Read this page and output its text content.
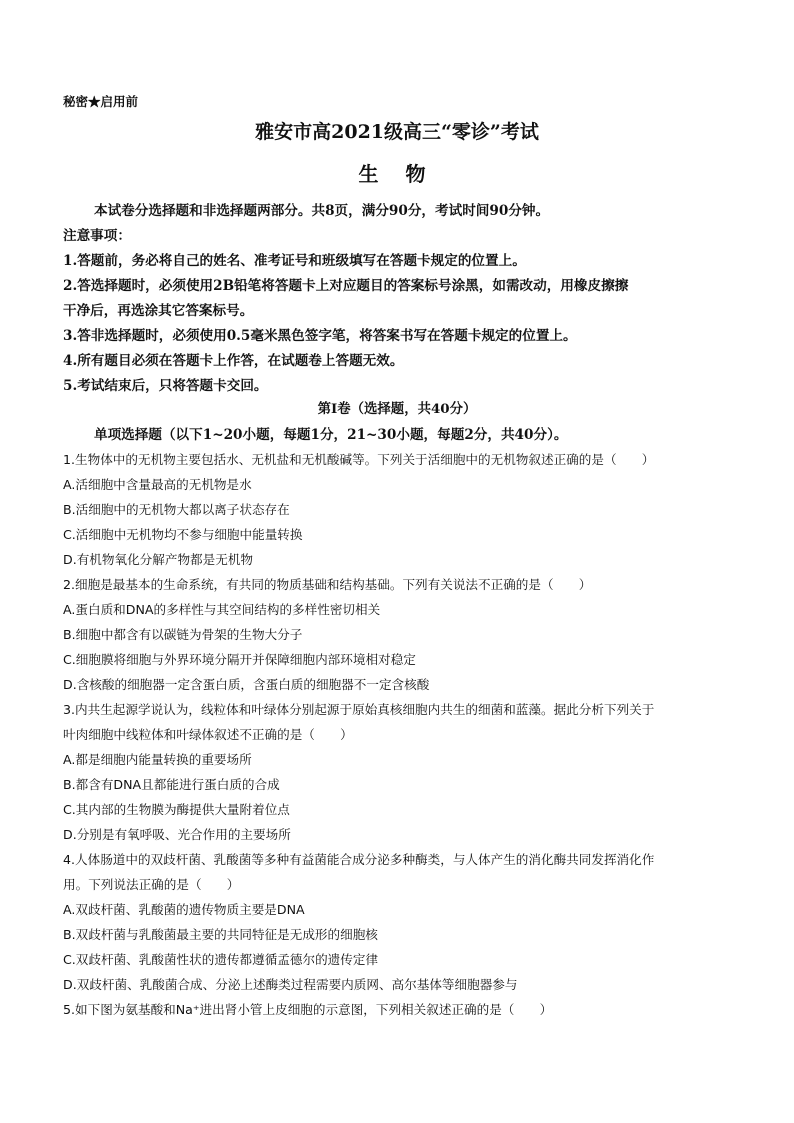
秘密★启用前
雅安市高2021级高三“零诊”考试
生 物
本试卷分选择题和非选择题两部分。共8页，满分90分，考试时间90分钟。
注意事项：
1.答题前，务必将自己的姓名、准考证号和班级填写在答题卡规定的位置上。
2.答选择题时，必须使用2B铅笔将答题卡上对应题目的答案标号涂黑，如需改动，用橡皮擦擦
干净后，再选涂其它答案标号。
3.答非选择题时，必须使用0.5毫米黑色签字笔，将答案书写在答题卡规定的位置上。
4.所有题目必须在答题卡上作答，在试题卷上答题无效。
5.考试结束后，只将答题卡交回。
第Ⅰ卷（选择题，共40分）
单项选择题（以下1~20小题，每题1分，21~30小题，每题2分，共40分）。
1.生物体中的无机物主要包括水、无机盐和无机酸碱等。下列关于活细胞中的无机物叙述正确的是（　　）
A.活细胞中含量最高的无机物是水
B.活细胞中的无机物大都以离子状态存在
C.活细胞中无机物均不参与细胞中能量转换
D.有机物氧化分解产物都是无机物
2.细胞是最基本的生命系统，有共同的物质基础和结构基础。下列有关说法不正确的是（　　）
A.蛋白质和DNA的多样性与其空间结构的多样性密切相关
B.细胞中都含有以碳链为骨架的生物大分子
C.细胞膜将细胞与外界环境分隔开并保障细胞内部环境相对稳定
D.含核酸的细胞器一定含蛋白质，含蛋白质的细胞器不一定含核酸
3.内共生起源学说认为，线粒体和叶绿体分别起源于原始真核细胞内共生的细菌和蓝藻。据此分析下列关于
叶肉细胞中线粒体和叶绿体叙述不正确的是（　　）
A.都是细胞内能量转换的重要场所
B.都含有DNA且都能进行蛋白质的合成
C.其内部的生物膜为酶提供大量附着位点
D.分别是有氧呼吸、光合作用的主要场所
4.人体肠道中的双歧杆菌、乳酸菌等多种有益菌能合成分泌多种酶类，与人体产生的消化酶共同发挥消化作
用。下列说法正确的是（　　）
A.双歧杆菌、乳酸菌的遗传物质主要是DNA
B.双歧杆菌与乳酸菌最主要的共同特征是无成形的细胞核
C.双歧杆菌、乳酸菌性状的遗传都遵循孟德尔的遗传定律
D.双歧杆菌、乳酸菌合成、分泌上述酶类过程需要内质网、高尔基体等细胞器参与
5.如下图为氨基酸和Na⁺进出肾小管上皮细胞的示意图，下列相关叙述正确的是（　　）
